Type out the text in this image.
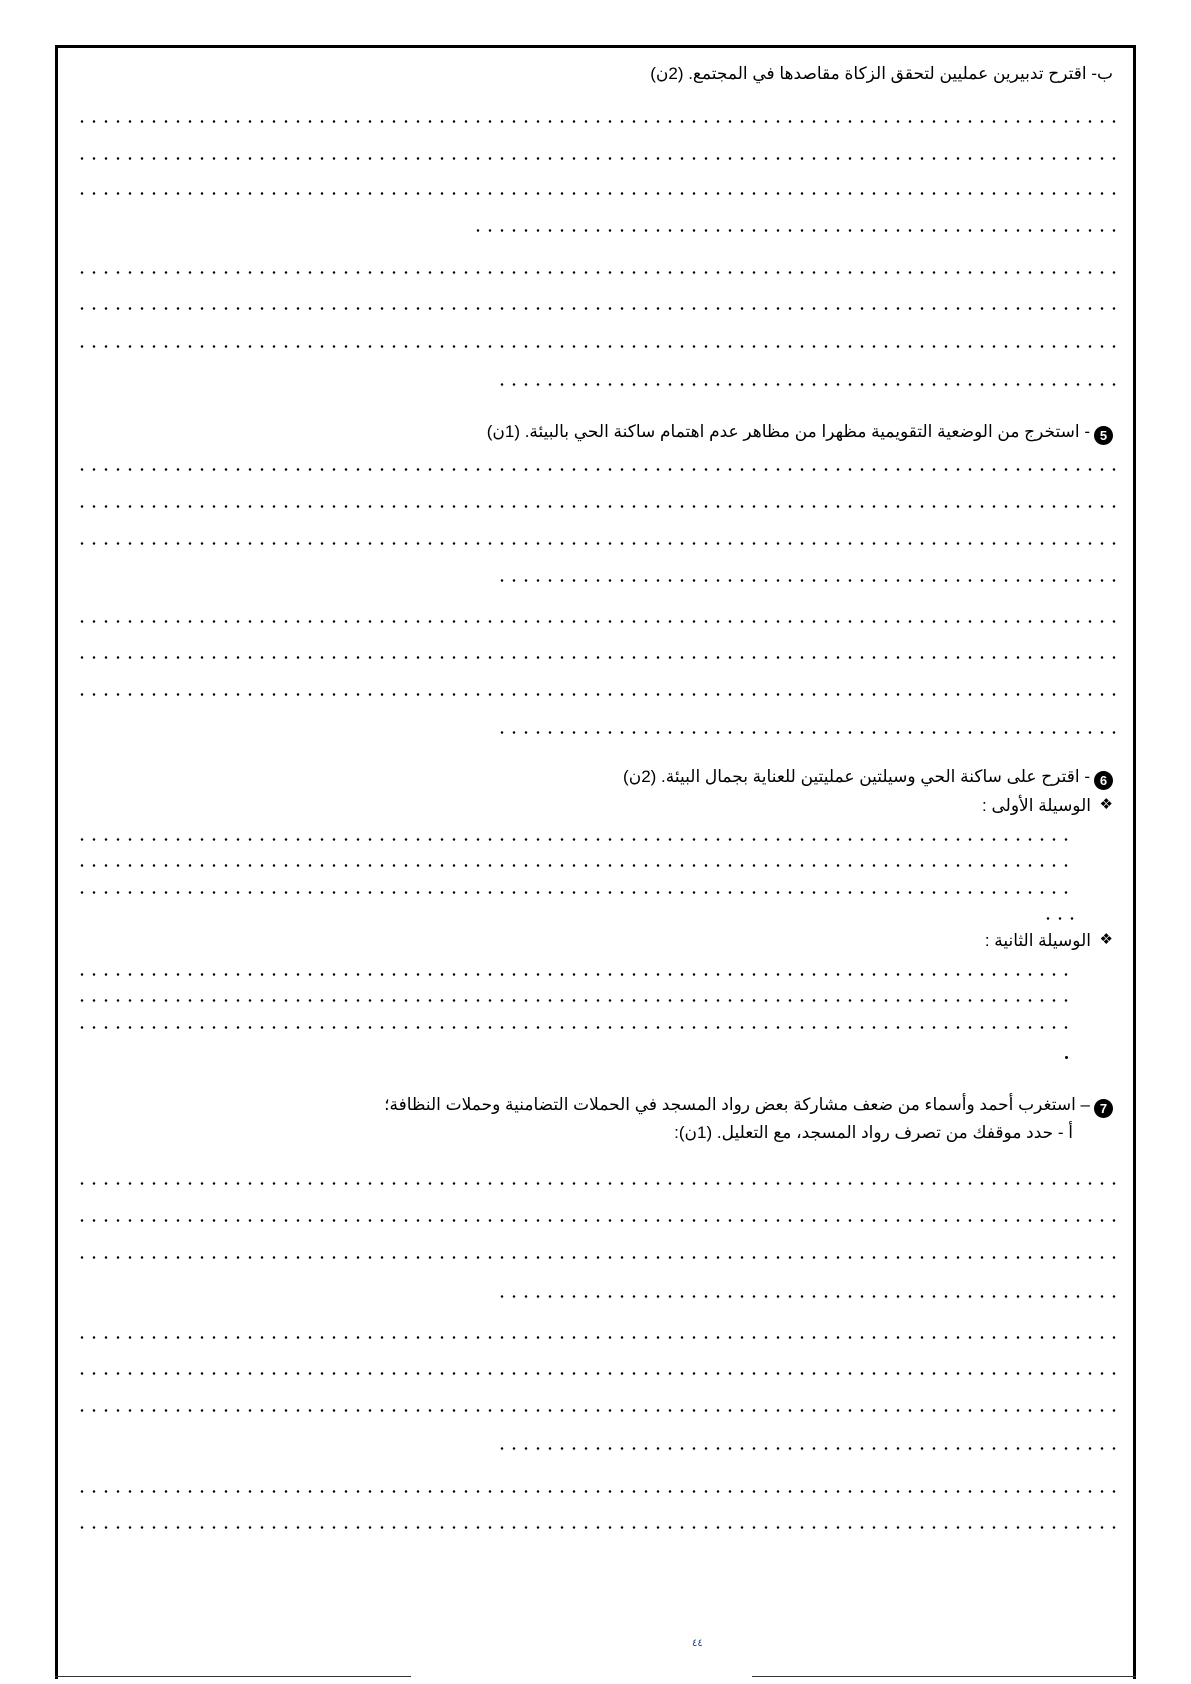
ب- اقترح تدبيرين عمليين لتحقق الزكاة مقاصدها في المجتمع. (2ن)
5- استخرج من الوضعية التقويمية مظهرا من مظاهر عدم اهتمام ساكنة الحي بالبيئة. (1ن)
6- اقترح على ساكنة الحي وسيلتين عمليتين للعناية بجمال البيئة. (2ن)
❖الوسيلة الأولى :
❖الوسيلة الثانية :
7– استغرب أحمد وأسماء من ضعف مشاركة بعض رواد المسجد في الحملات التضامنية وحملات النظافة؛
أ - حدد موقفك من تصرف رواد المسجد، مع التعليل. (1ن):
٤٤
